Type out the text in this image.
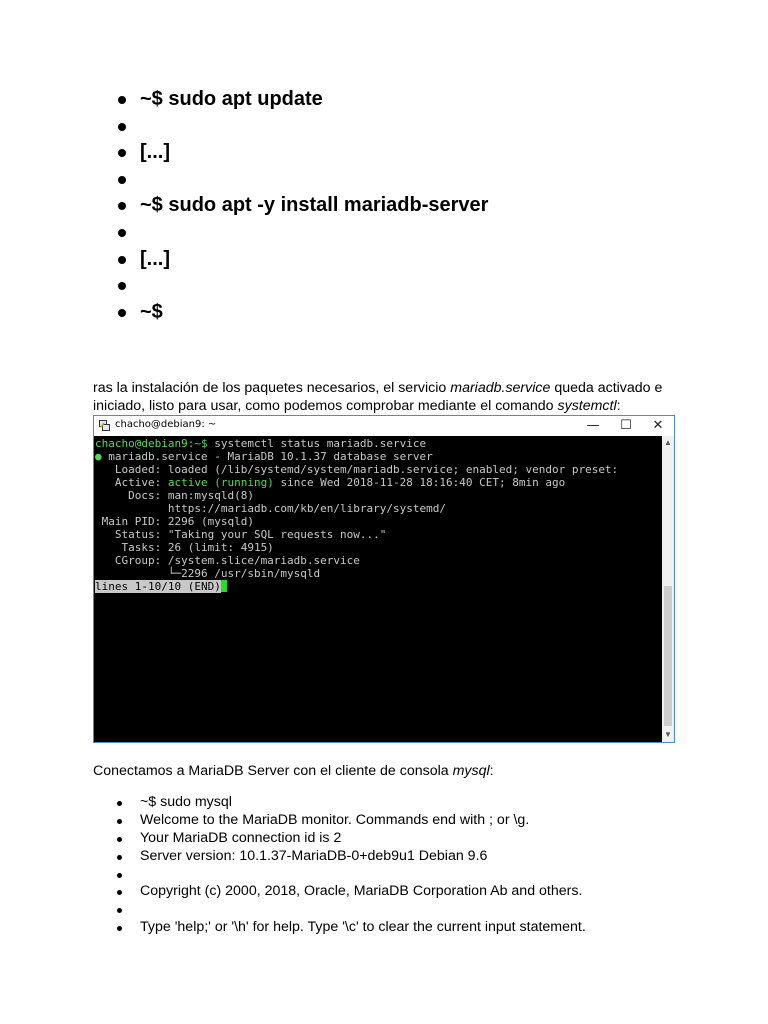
~$ sudo apt update
[...]
~$ sudo apt -y install mariadb-server
[...]
~$

ras la instalación de los paquetes necesarios, el servicio mariadb.service queda activado e

iniciado, listo para usar, como podemos comprobar mediante el comando systemctl:

chacho@debian9: ~	—	☐	✕
chacho@debian9:~$ systemctl status mariadb.service
● mariadb.service - MariaDB 10.1.37 database server
Loaded: loaded (/lib/systemd/system/mariadb.service; enabled; vendor preset:
Active: active (running) since Wed 2018-11-28 18:16:40 CET; 8min ago
Docs: man:mysqld(8)
https://mariadb.com/kb/en/library/systemd/
Main PID: 2296 (mysqld)
Status: "Taking your SQL requests now..."
Tasks: 26 (limit: 4915)
CGroup: /system.slice/mariadb.service
└─2296 /usr/sbin/mysqld
lines 1-10/10 (END)
▲
▼
Conectamos a MariaDB Server con el cliente de consola mysql:
~$ sudo mysql
Welcome to the MariaDB monitor. Commands end with ; or \g.
Your MariaDB connection id is 2
Server version: 10.1.37-MariaDB-0+deb9u1 Debian 9.6
Copyright (c) 2000, 2018, Oracle, MariaDB Corporation Ab and others.
Type 'help;' or '\h' for help. Type '\c' to clear the current input statement.
